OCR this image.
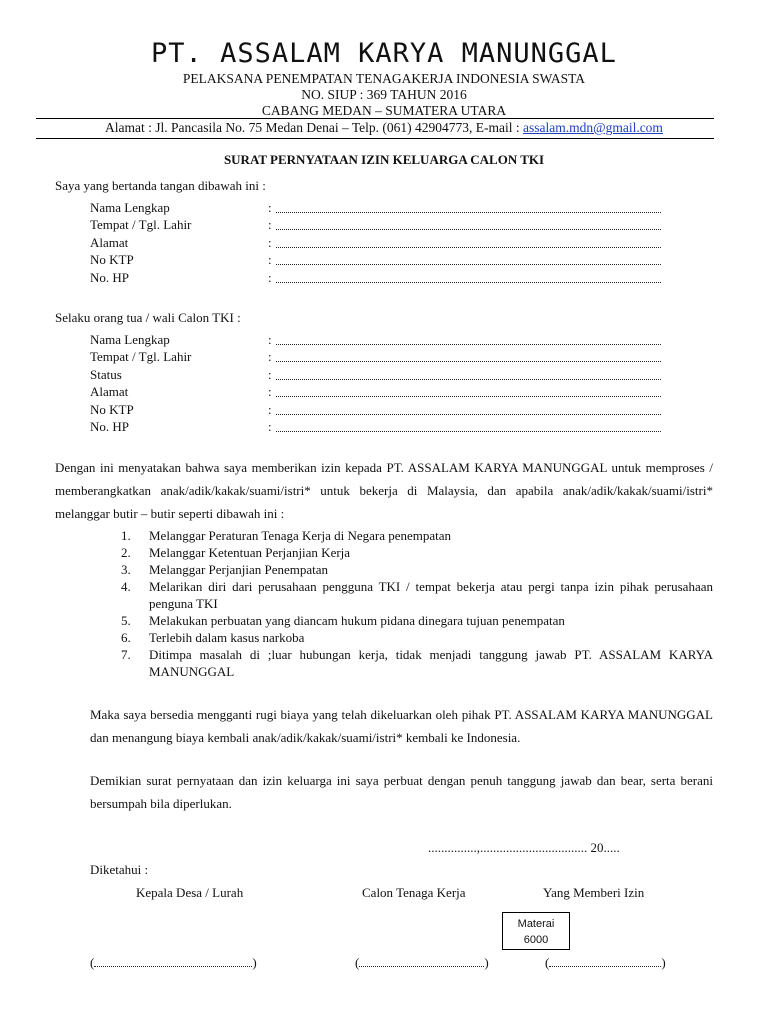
PT. ASSALAM KARYA MANUNGGAL
PELAKSANA PENEMPATAN TENAGAKERJA INDONESIA SWASTA
NO. SIUP : 369 TAHUN 2016
CABANG MEDAN – SUMATERA UTARA
Alamat : Jl. Pancasila No. 75 Medan Denai – Telp. (061) 42904773, E-mail : assalam.mdn@gmail.com
SURAT PERNYATAAN IZIN KELUARGA CALON TKI
Saya yang bertanda tangan dibawah ini :
Nama Lengkap	:
Tempat / Tgl. Lahir	:
Alamat	:
No KTP	:
No. HP	:
Selaku orang tua / wali Calon TKI :
Nama Lengkap	:
Tempat / Tgl. Lahir	:
Status	:
Alamat	:
No KTP	:
No. HP	:
Dengan ini menyatakan bahwa saya memberikan izin kepada PT. ASSALAM KARYA MANUNGGAL untuk memproses / memberangkatkan anak/adik/kakak/suami/istri* untuk bekerja di Malaysia, dan apabila anak/adik/kakak/suami/istri* melanggar butir – butir seperti dibawah ini :
1. Melanggar Peraturan Tenaga Kerja di Negara penempatan
2. Melanggar Ketentuan Perjanjian Kerja
3. Melanggar Perjanjian Penempatan
4. Melarikan diri dari perusahaan pengguna TKI / tempat bekerja atau pergi tanpa izin pihak perusahaan penguna TKI
5. Melakukan perbuatan yang diancam hukum pidana dinegara tujuan penempatan
6. Terlebih dalam kasus narkoba
7. Ditimpa masalah di ;luar hubungan kerja, tidak menjadi tanggung jawab PT. ASSALAM KARYA MANUNGGAL
Maka saya bersedia mengganti rugi biaya yang telah dikeluarkan oleh pihak PT. ASSALAM KARYA MANUNGGAL dan menangung biaya kembali anak/adik/kakak/suami/istri* kembali ke Indonesia.
Demikian surat pernyataan dan izin keluarga ini saya perbuat dengan penuh tanggung jawab dan bear, serta berani bersumpah bila diperlukan.
...............,................................. 20.....
Diketahui :
Kepala Desa / Lurah	Calon Tenaga Kerja	Yang Memberi Izin
Materai
6000
(	)	(	)	(	)
